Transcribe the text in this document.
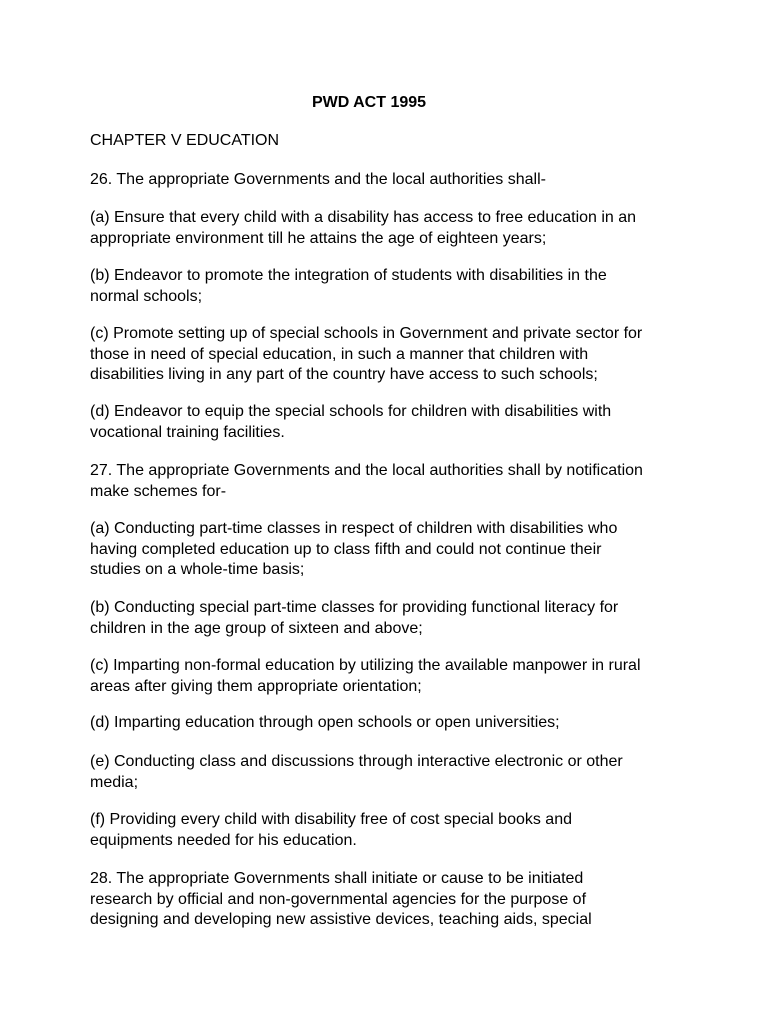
PWD ACT 1995

CHAPTER V EDUCATION

26. The appropriate Governments and the local authorities shall-

(a) Ensure that every child with a disability has access to free education in an
appropriate environment till he attains the age of eighteen years;

(b) Endeavor to promote the integration of students with disabilities in the
normal schools;

(c) Promote setting up of special schools in Government and private sector for
those in need of special education, in such a manner that children with
disabilities living in any part of the country have access to such schools;

(d) Endeavor to equip the special schools for children with disabilities with
vocational training facilities.

27. The appropriate Governments and the local authorities shall by notification
make schemes for-

(a) Conducting part-time classes in respect of children with disabilities who
having completed education up to class fifth and could not continue their
studies on a whole-time basis;

(b) Conducting special part-time classes for providing functional literacy for
children in the age group of sixteen and above;

(c) Imparting non-formal education by utilizing the available manpower in rural
areas after giving them appropriate orientation;

(d) Imparting education through open schools or open universities;

(e) Conducting class and discussions through interactive electronic or other
media;

(f) Providing every child with disability free of cost special books and
equipments needed for his education.

28. The appropriate Governments shall initiate or cause to be initiated
research by official and non-governmental agencies for the purpose of
designing and developing new assistive devices, teaching aids, special
